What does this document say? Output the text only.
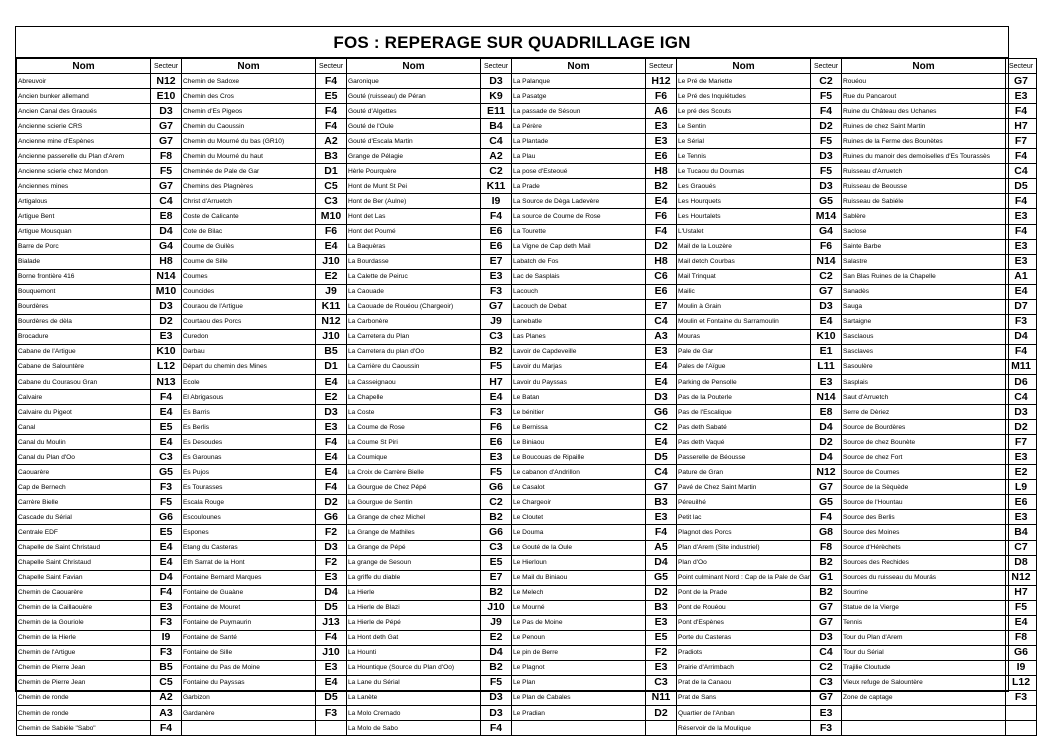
FOS : REPERAGE SUR QUADRILLAGE IGN
Nom	Secteur	Nom	Secteur	Nom	Secteur	Nom	Secteur	Nom	Secteur	Nom	Secteur
Abreuvoir	N12	Chemin de Sadoxe	F4	Garonique	D3	La Palanque	H12	Le Pré de Mariette	C2	Rouéou	G7
Ancien bunker allemand	E10	Chemin des Cros	E5	Gouté (ruisseau) de Péran	K9	La Pasatge	F6	Le Pré des Inquiétudes	F5	Rue du Pancarout	E3
Ancien Canal des Graoués	D3	Chemin d'Es Pigeos	F4	Gouté d'Algettes	E11	La passade de Sésoun	A6	Le pré des Scouts	F4	Ruine du Château des Uchanes	F4
Ancienne scierie CRS	G7	Chemin du Caoussin	F4	Gouté de l'Oule	B4	La Pérère	E3	Le Sentin	D2	Ruines de chez Saint Martin	H7
Ancienne mine d'Espènes	G7	Chemin du Mourné du bas (GR10)	A2	Gouté d'Escala Martin	C4	La Plantade	E3	Le Sérial	F5	Ruines de la Ferme des Bounètes	F7
Ancienne passerelle du Plan d'Arem	F8	Chemin du Mourné du haut	B3	Grange de Pélagie	A2	La Plau	E6	Le Tennis	D3	Ruines du manoir des demoiselles d'Es Tourassès	F4
Ancienne scierie chez Mondon	F5	Cheminée de Pale de Gar	D1	Hèrle Pourquère	C2	La pose d'Esteoué	H8	Le Tucaou du Doumas	F5	Ruisseau d'Arruetch	C4
Anciennes mines	G7	Chemins des Plagnères	C5	Hont de Munt St Pei	K11	La Prade	B2	Les Graoués	D3	Ruisseau de Beousse	D5
Artigalous	C4	Christ d'Arruetch	C3	Hont de Ber (Aulne)	I9	La Source de Dèga Ladevère	E4	Les Hourquets	G5	Ruisseau de Sabiéle	F4
Artigue Bent	E8	Coste de Calicante	M10	Hont det Las	F4	La source de Coume de Rose	F6	Les Hourtalets	M14	Sablère	E3
Artigue Mousquan	D4	Cote de Bilac	F6	Hont det Poumé	E6	La Tourette	F4	L'Ustalet	G4	Saclose	F4
Barre de Porc	G4	Coume de Guilès	E4	La Baquèras	E6	La Vigne de Cap deth Mail	D2	Mail de la Louzère	F6	Sainte Barbe	E3
Bialade	H8	Coume de Sille	J10	La Bourdasse	E7	Labatch de Fos	H8	Mail detch Courbas	N14	Salastre	E3
Borne frontière 416	N14	Coumes	E2	La Calette de Peiruc	E3	Lac de Sasplais	C6	Mail Trinquat	C2	San Blas Ruines de la Chapelle	A1
Bouquemont	M10	Councides	J9	La Caouade	F3	Lacouch	E6	Mailic	G7	Sanadès	E4
Bourdères	D3	Couraou de l'Artigue	K11	La Caouade de Rouéou (Chargeoir)	G7	Lacouch de Debat	E7	Moulin à Grain	D3	Sauga	D7
Bourdères de dèla	D2	Courtaou des Porcs	N12	La Carbonère	J9	Lanebatle	C4	Moulin et Fontaine du Sarramoulin	E4	Sartaigne	F3
Brocadure	E3	Curedon	J10	La Carretera du Plan	C3	Las Planes	A3	Mouras	K10	Sasclaous	D4
Cabane de l'Artigue	K10	Darbau	B5	La Carretera du plan d'Oo	B2	Lavoir de Capdeveille	E3	Pale de Gar	E1	Sasclaves	F4
Cabane de Salountère	L12	Départ du chemin des Mines	D1	La Carrière du Caoussin	F5	Lavoir du Marjas	E4	Pales de l'Aïgue	L11	Sasoulère	M11
Cabane du Courasou Gran	N13	Ecole	E4	La Casseignaou	H7	Lavoir du Payssas	E4	Parking de Pensolle	E3	Sasplais	D6
Calvaire	F4	El Abrigasous	E2	La Chapelle	E4	Le Batan	D3	Pas de la Pouterle	N14	Saut d'Arruetch	C4
Calvaire du Pigeot	E4	Es Barris	D3	La Coste	F3	Le bénitier	G6	Pas de l'Escalique	E8	Serre de Dèriez	D3
Canal	E5	Es Berlis	E3	La Coume de Rose	F6	Le Bernissa	C2	Pas deth Sabaté	D4	Source de Bourdères	D2
Canal du Moulin	E4	Es Desoudes	F4	La Coume St Piri	E6	Le Biniaou	E4	Pas deth Vaqué	D2	Source de chez Bounète	F7
Canal du Plan d'Oo	C3	Es Garounas	E4	La Coumique	E3	Le Boucouas de Ripaille	D5	Passerelle de Béousse	D4	Source de chez Fort	E3
Caouarère	G5	Es Pujos	E4	La Croix de Carrère Bielle	F5	Le cabanon d'Andrillon	C4	Pature de Gran	N12	Source de Coumes	E2
Cap de Bernech	F3	Es Tourasses	F4	La Gourgue de Chez Pépé	G6	Le Casalot	G7	Pavé de Chez Saint Martin	G7	Source de la Sèquède	L9
Carrère Bielle	F5	Escala Rouge	D2	La Gourgue de Sentin	C2	Le Chargeoir	B3	Péreuilhé	G5	Source de l'Hountau	E6
Cascade du Sérial	G6	Escoulounes	G6	La Grange de chez Michel	B2	Le Cloutet	E3	Petit lac	F4	Source des Berlis	E3
Centrale EDF	E5	Espones	F2	La Grange de Mathiles	G6	Le Douma	F4	Plagnot des Porcs	G8	Source des Moines	B4
Chapelle de Saint Christaud	E4	Etang du Casteras	D3	La Grange de Pépé	C3	Le Gouté de la Oule	A5	Plan d'Arem (Site industriel)	F8	Source d'Hérèchets	C7
Chapelle Saint Christaud	E4	Eth Sarrat de la Hont	F2	La grange de Sesoun	E5	Le Hierloun	D4	Plan d'Oo	B2	Sources des Rechides	D8
Chapelle Saint Favian	D4	Fontaine Bernard Marques	E3	La griffe du diable	E7	Le Mail du Biniaou	G5	Point culminant Nord : Cap de la Pale de Gar	G1	Sources du ruisseau du Mourás	N12
Chemin de Caouarère	F4	Fontaine de Guaàne	D4	La Hierle	B2	Le Melech	D2	Pont de la Prade	B2	Sourrine	H7
Chemin de la Caillaouère	E3	Fontaine de Mouret	D5	La Hierle de Blazi	J10	Le Mourné	B3	Pont de Rouéou	G7	Statue de la Vierge	F5
Chemin de la Gouriole	F3	Fontaine de Puymaurin	J13	La Hierle de Pépé	J9	Le Pas de Moine	E3	Pont d'Espènes	G7	Tennis	E4
Chemin de la Hierle	I9	Fontaine de Santé	F4	La Hont deth Gat	E2	Le Penoun	E5	Porte du Casteras	D3	Tour du Plan d'Arem	F8
Chemin de l'Artigue	F3	Fontaine de Sille	J10	La Hounti	D4	Le pin de Berre	F2	Pradiots	C4	Tour du Sérial	G6
Chemin de Pierre Jean	B5	Fontaine du Pas de Moine	E3	La Hountique (Source du Plan d'Oo)	B2	Le Plagnot	E3	Prairie d'Arrimbach	C2	Trajilie Cloutude	I9
Chemin de Pierre Jean	C5	Fontaine du Payssas	E4	La Lane du Sérial	F5	Le Plan	C3	Prat de la Canaou	C3	Vieux refuge de Salountère	L12
Chemin de ronde	A2	Garbizon	D5	La Lanète	D3	Le Plan de Cabales	N11	Prat de Sans	G7	Zone de captage	F3
Chemin de ronde	A3	Gardanère	F3	La Molo Cremado	D3	Le Pradian	D2	Quartier de l'Anban	E3		
Chemin de Sabiéle "Sabo"	F4			La Molo de Sabo	F4			Réservoir de la Moulique	F3		
